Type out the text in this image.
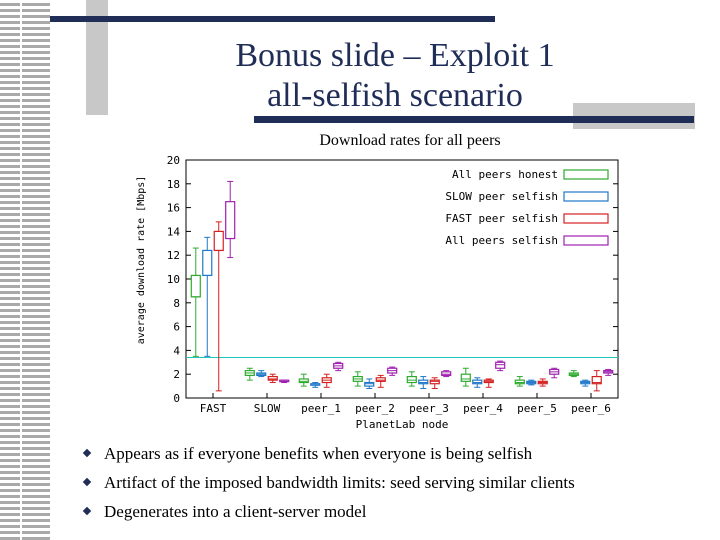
Bonus slide – Exploit 1
all-selfish scenario
Download rates for all peers
0
2
4
6
8
10
12
14
16
18
20
FAST	SLOW peer_1 peer_2 peer_3 peer_4 peer_5 peer_6
All peers honest
SLOW peer selfish
FAST peer selfish
All peers selfish
average download rate [Mbps]
PlanetLab node
Appears as if everyone benefits when everyone is being selfish
Artifact of the imposed bandwidth limits: seed serving similar clients
Degenerates into a client-server model
